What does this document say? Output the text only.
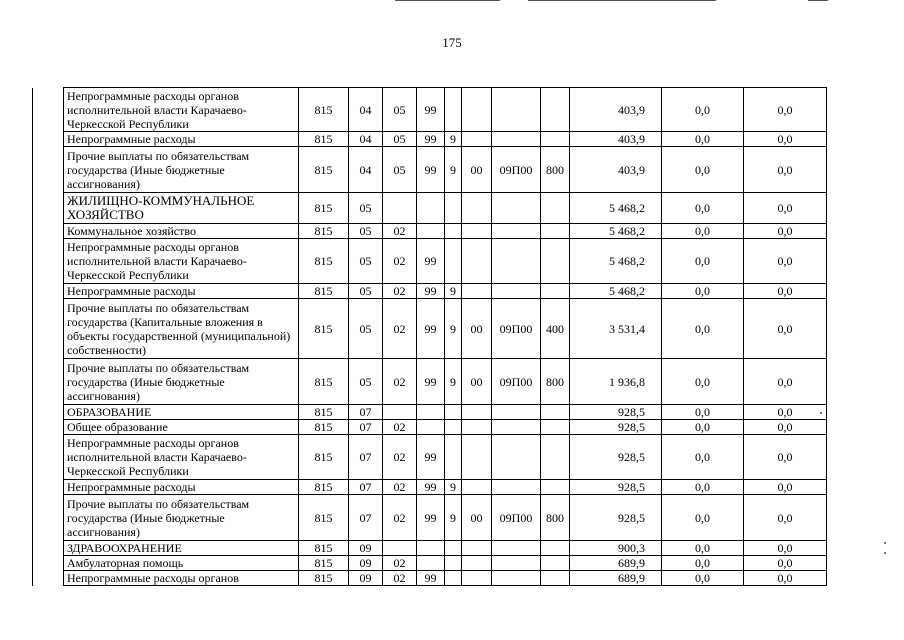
175
	Непрограммные расходы органов исполнительной власти Карачаево-Черкесской Республики	815	04	05	99					403,9	0,0	0,0
	Непрограммные расходы	815	04	05	99	9				403,9	0,0	0,0
	Прочие выплаты по обязательствам государства (Иные бюджетные ассигнования)	815	04	05	99	9	00	09П00	800	403,9	0,0	0,0
	ЖИЛИЩНО-КОММУНАЛЬНОЕ ХОЗЯЙСТВО	815	05							5 468,2	0,0	0,0
	Коммунальное хозяйство	815	05	02						5 468,2	0,0	0,0
	Непрограммные расходы органов исполнительной власти Карачаево-Черкесской Республики	815	05	02	99					5 468,2	0,0	0,0
	Непрограммные расходы	815	05	02	99	9				5 468,2	0,0	0,0
	Прочие выплаты по обязательствам государства (Капитальные вложения в объекты государственной (муниципальной) собственности)	815	05	02	99	9	00	09П00	400	3 531,4	0,0	0,0
	Прочие выплаты по обязательствам государства (Иные бюджетные ассигнования)	815	05	02	99	9	00	09П00	800	1 936,8	0,0	0,0
	ОБРАЗОВАНИЕ	815	07							928,5	0,0	0,0
	Общее образование	815	07	02						928,5	0,0	0,0
	Непрограммные расходы органов исполнительной власти Карачаево-Черкесской Республики	815	07	02	99					928,5	0,0	0,0
	Непрограммные расходы	815	07	02	99	9				928,5	0,0	0,0
	Прочие выплаты по обязательствам государства (Иные бюджетные ассигнования)	815	07	02	99	9	00	09П00	800	928,5	0,0	0,0
	ЗДРАВООХРАНЕНИЕ	815	09							900,3	0,0	0,0
	Амбулаторная помощь	815	09	02						689,9	0,0	0,0
	Непрограммные расходы органов	815	09	02	99					689,9	0,0	0,0
